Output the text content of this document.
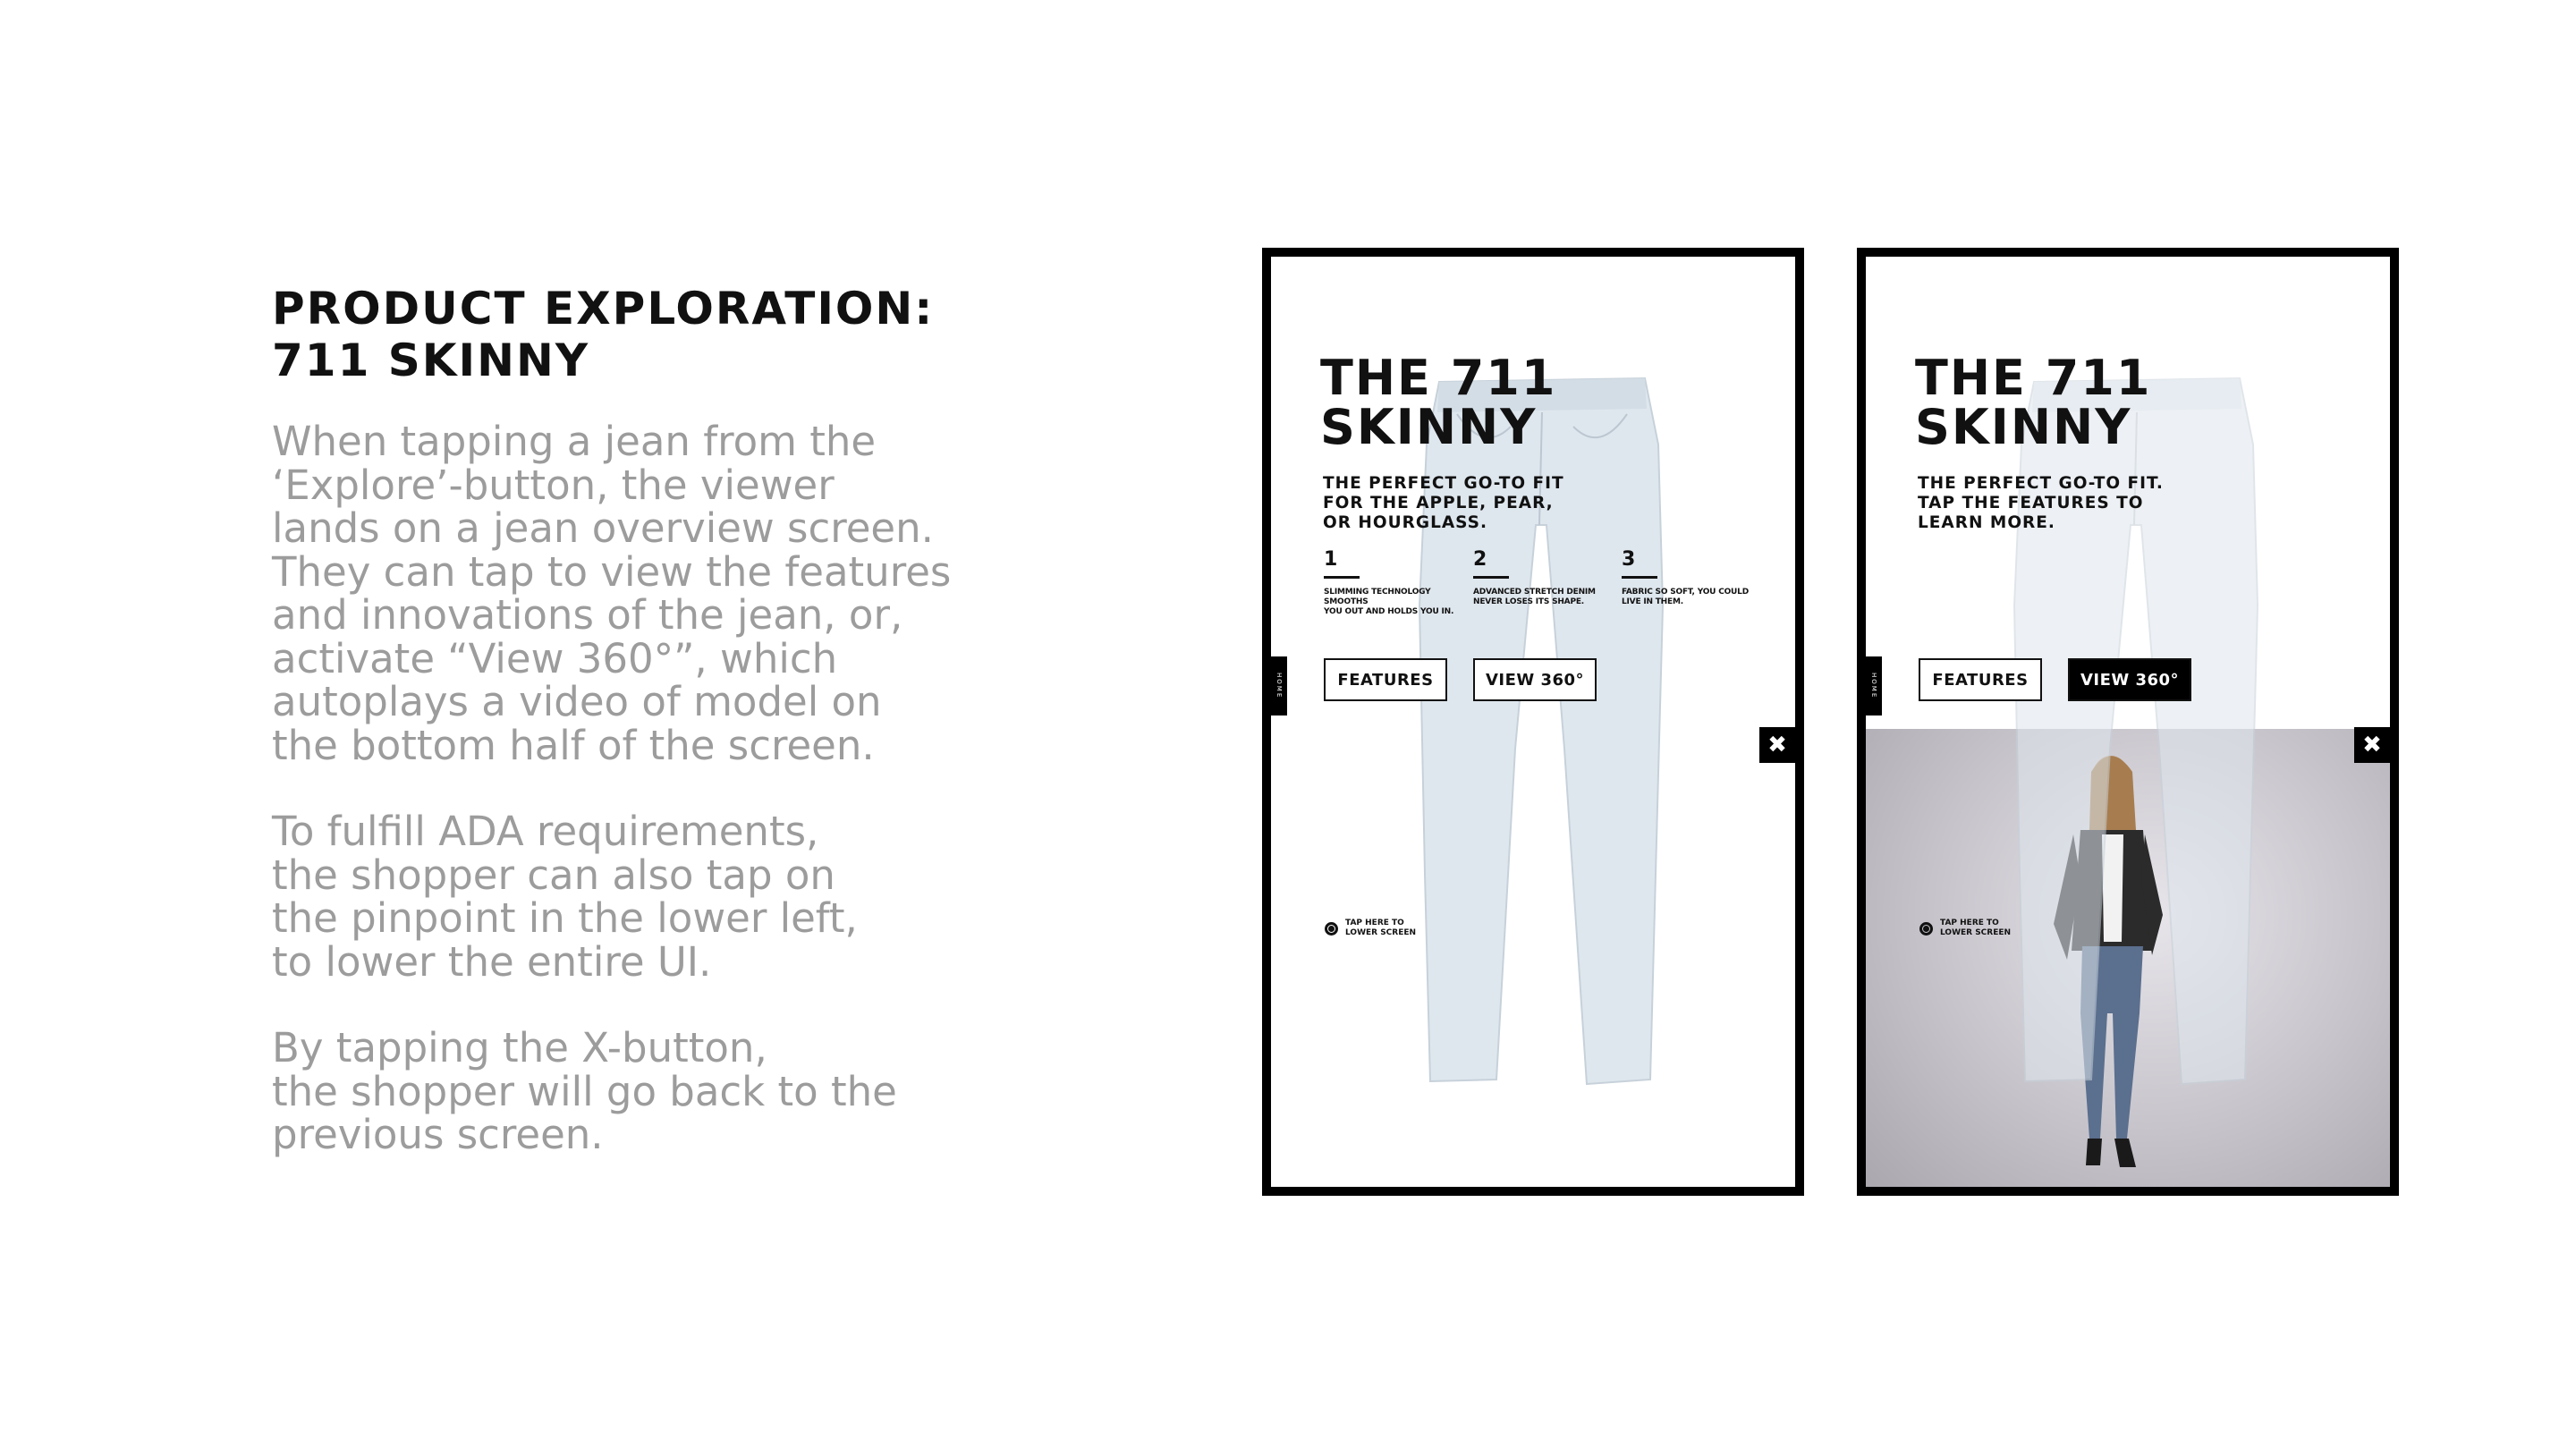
PRODUCT EXPLORATION:
711 SKINNY

When tapping a jean from the
‘Explore’-button, the viewer
lands on a jean overview screen.
They can tap to view the features
and innovations of the jean, or,
activate “View 360°”, which
autoplays a video of model on
the bottom half of the screen.

To fulfill ADA requirements,
the shopper can also tap on
the pinpoint in the lower left,
to lower the entire UI.

By tapping the X-button,
the shopper will go back to the
previous screen.

THE 711
SKINNY

THE PERFECT GO-TO FIT
FOR THE APPLE, PEAR,
OR HOURGLASS.

1
SLIMMING TECHNOLOGY SMOOTHS
YOU OUT AND HOLDS YOU IN.
2
ADVANCED STRETCH DENIM
NEVER LOSES ITS SHAPE.
3
FABRIC SO SOFT, YOU COULD
LIVE IN THEM.
FEATURES	VIEW 360°
HOME
✖
TAP HERE TO
LOWER SCREEN
THE 711
SKINNY

THE PERFECT GO-TO FIT.
TAP THE FEATURES TO
LEARN MORE.

FEATURES	VIEW 360°
HOME
✖
TAP HERE TO
LOWER SCREEN
